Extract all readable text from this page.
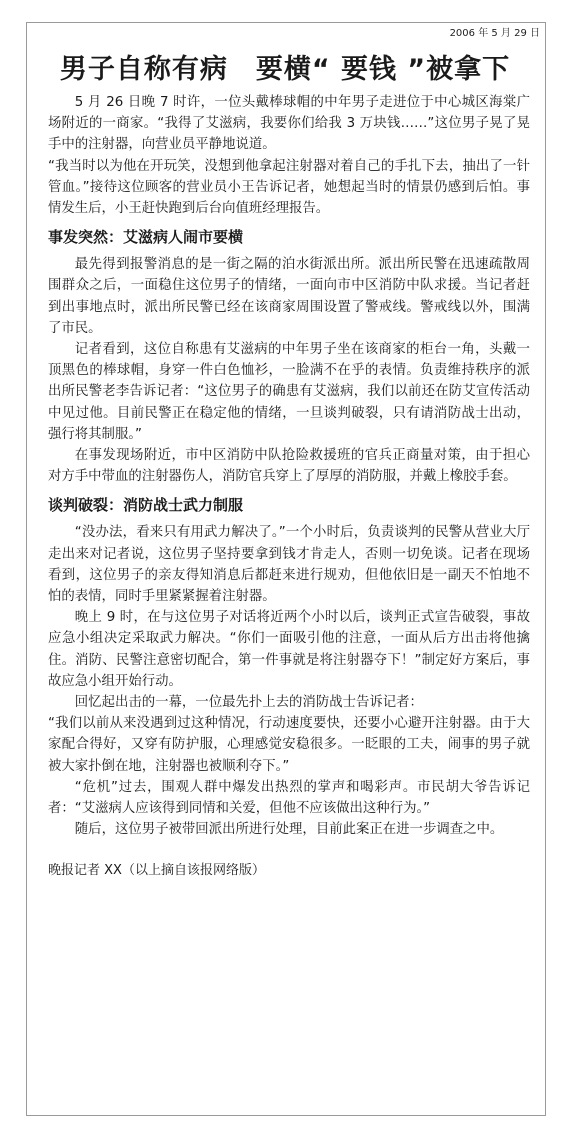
2006 年 5 月 29 日
男子自称有病　要横“ 要钱 ”被拿下

5 月 26 日晚 7 时许，一位头戴棒球帽的中年男子走进位于中心城区海棠广场附近的一商家。“我得了艾滋病，我要你们给我 3 万块钱……”这位男子晃了晃手中的注射器，向营业员平静地说道。

“我当时以为他在开玩笑，没想到他拿起注射器对着自己的手扎下去，抽出了一针管血。”接待这位顾客的营业员小王告诉记者，她想起当时的情景仍感到后怕。事情发生后，小王赶快跑到后台向值班经理报告。

事发突然：艾滋病人闹市要横

最先得到报警消息的是一街之隔的泊水街派出所。派出所民警在迅速疏散周围群众之后，一面稳住这位男子的情绪，一面向市中区消防中队求援。当记者赶到出事地点时，派出所民警已经在该商家周围设置了警戒线。警戒线以外，围满了市民。

记者看到，这位自称患有艾滋病的中年男子坐在该商家的柜台一角，头戴一顶黑色的棒球帽，身穿一件白色恤衫，一脸满不在乎的表情。负责维持秩序的派出所民警老李告诉记者：“这位男子的确患有艾滋病，我们以前还在防艾宣传活动中见过他。目前民警正在稳定他的情绪，一旦谈判破裂，只有请消防战士出动，强行将其制服。”

在事发现场附近，市中区消防中队抢险救援班的官兵正商量对策，由于担心对方手中带血的注射器伤人，消防官兵穿上了厚厚的消防服，并戴上橡胶手套。

谈判破裂：消防战士武力制服

“没办法，看来只有用武力解决了。”一个小时后，负责谈判的民警从营业大厅走出来对记者说，这位男子坚持要拿到钱才肯走人，否则一切免谈。记者在现场看到，这位男子的亲友得知消息后都赶来进行规劝，但他依旧是一副天不怕地不怕的表情，同时手里紧紧握着注射器。

晚上 9 时，在与这位男子对话将近两个小时以后，谈判正式宣告破裂，事故应急小组决定采取武力解决。“你们一面吸引他的注意，一面从后方出击将他擒住。消防、民警注意密切配合，第一件事就是将注射器夺下！”制定好方案后，事故应急小组开始行动。

回忆起出击的一幕，一位最先扑上去的消防战士告诉记者：

“我们以前从来没遇到过这种情况，行动速度要快，还要小心避开注射器。由于大家配合得好，又穿有防护服，心理感觉安稳很多。一眨眼的工夫，闹事的男子就被大家扑倒在地，注射器也被顺利夺下。”

“危机”过去，围观人群中爆发出热烈的掌声和喝彩声。市民胡大爷告诉记者：“艾滋病人应该得到同情和关爱，但他不应该做出这种行为。”

随后，这位男子被带回派出所进行处理，目前此案正在进一步调查之中。

晚报记者 XX（以上摘自该报网络版）
